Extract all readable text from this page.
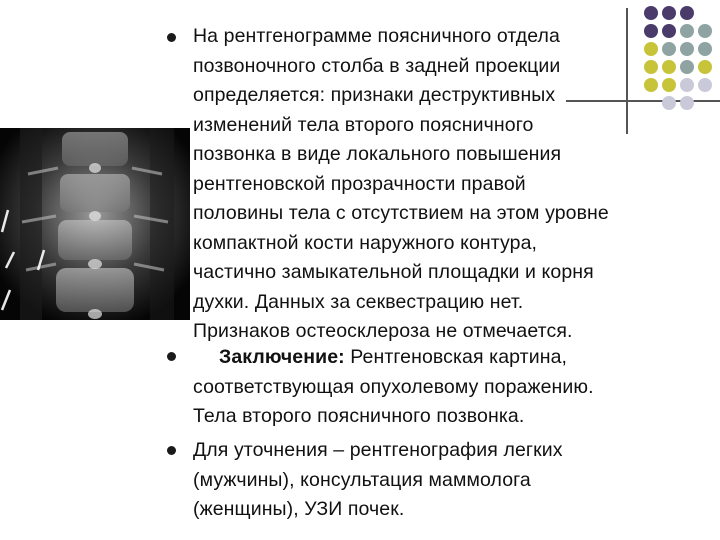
На рентгенограмме поясничного отдела
позвоночного столба в задней проекции
определяется: признаки деструктивных
изменений тела второго поясничного
позвонка в виде локального повышения
рентгеновской прозрачности правой
половины тела с отсутствием на этом уровне
компактной кости наружного контура,
частично замыкательной площадки и корня
духки. Данных за секвестрацию нет.
Признаков остеосклероза не отмечается.
Заключение: Рентгеновская картина,
соответствующая опухолевому поражению.
Тела второго поясничного позвонка.
Для уточнения – рентгенография легких
(мужчины), консультация маммолога
(женщины), УЗИ почек.
